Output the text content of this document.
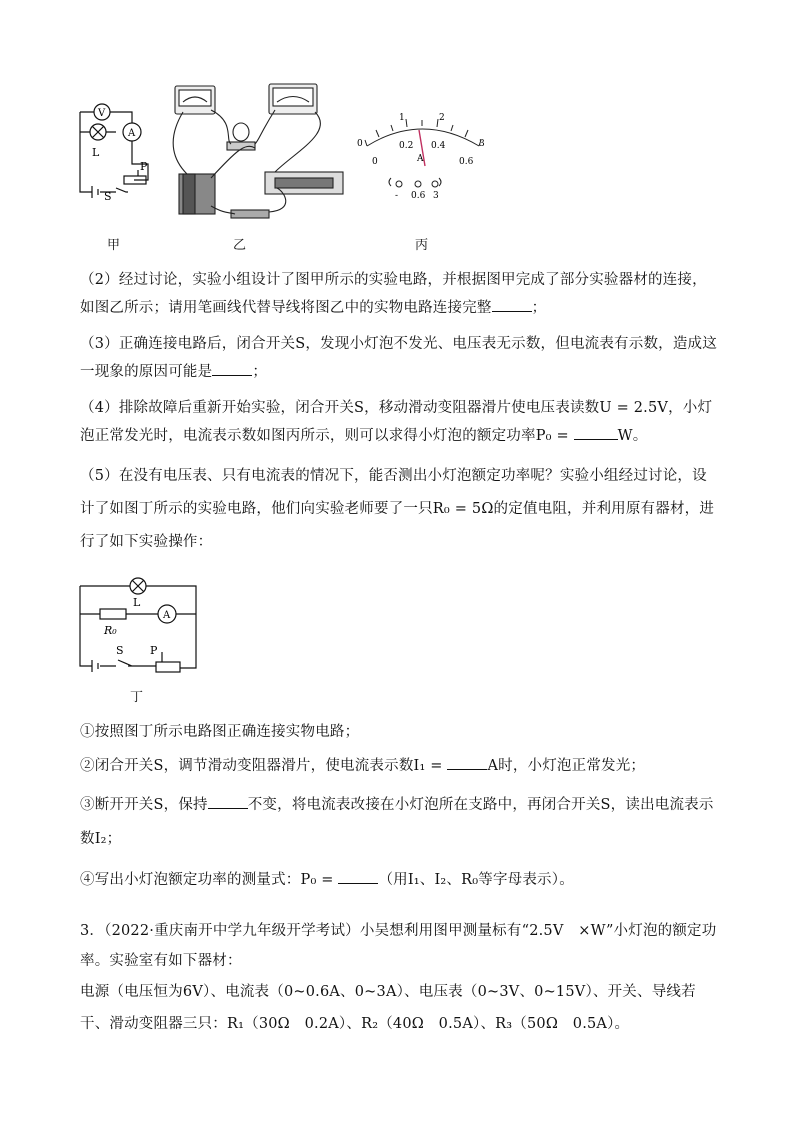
V
A
L
S
P
甲	乙
0
1	2
3
0
0.2 0.4
0.6
A
- 0.6 3
丙
（2）经过讨论，实验小组设计了图甲所示的实验电路，并根据图甲完成了部分实验器材的连接，如图乙所示；请用笔画线代替导线将图乙中的实物电路连接完整	；
（3）正确连接电路后，闭合开关S，发现小灯泡不发光、电压表无示数，但电流表有示数，造成这一现象的原因可能是	；
（4）排除故障后重新开始实验，闭合开关S，移动滑动变阻器滑片使电压表读数U = 2.5V，小灯泡正常发光时，电流表示数如图丙所示，则可以求得小灯泡的额定功率P₀ =	W。
（5）在没有电压表、只有电流表的情况下，能否测出小灯泡额定功率呢？实验小组经过讨论，设计了如图丁所示的实验电路，他们向实验老师要了一只R₀ = 5Ω的定值电阻，并利用原有器材，进行了如下实验操作：
L
A
R₀
S P
丁
①按照图丁所示电路图正确连接实物电路；
②闭合开关S，调节滑动变阻器滑片，使电流表示数I₁ =	A时，小灯泡正常发光；
③断开开关S，保持	不变，将电流表改接在小灯泡所在支路中，再闭合开关S，读出电流表示数I₂；
④写出小灯泡额定功率的测量式：P₀ =	（用I₁、I₂、R₀等字母表示）。
3．（2022·重庆南开中学九年级开学考试）小吴想利用图甲测量标有“2.5V　×W”小灯泡的额定功率。实验室有如下器材：
电源（电压恒为6V）、电流表（0~0.6A、0~3A）、电压表（0~3V、0~15V）、开关、导线若干、滑动变阻器三只：R₁（30Ω　0.2A）、R₂（40Ω　0.5A）、R₃（50Ω　0.5A）。
